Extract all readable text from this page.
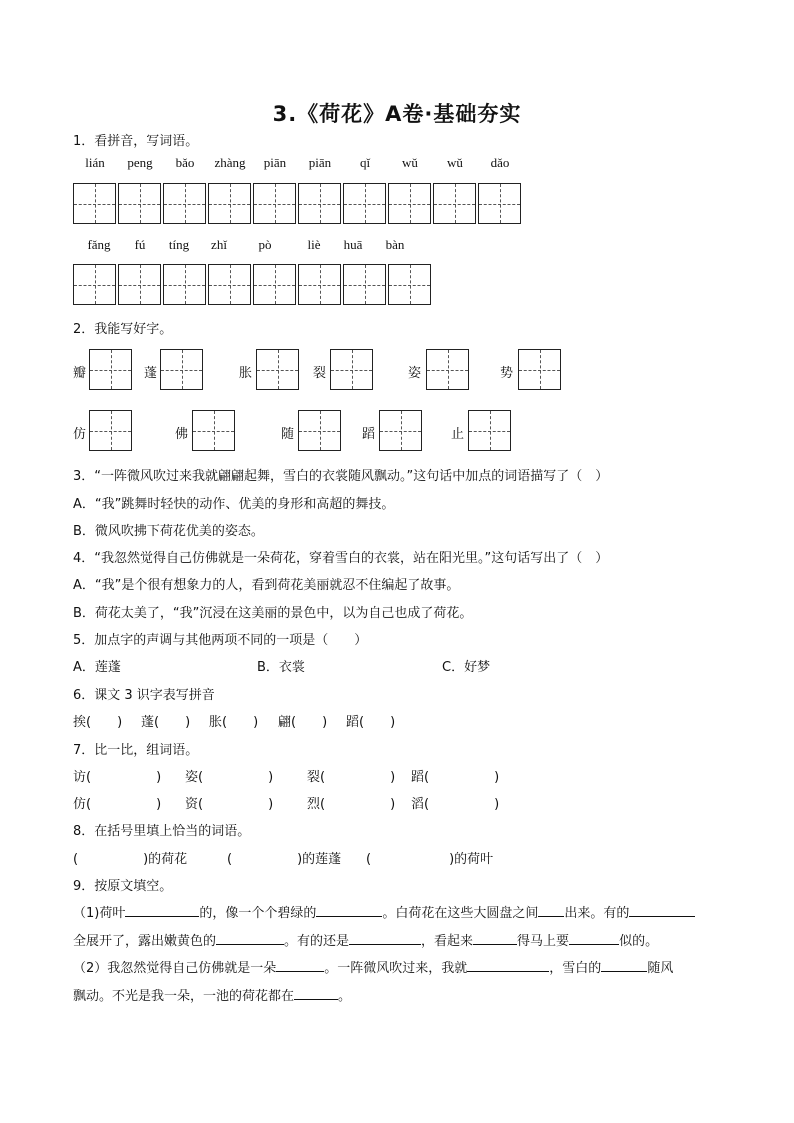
3.《荷花》A卷·基础夯实
1．看拼音，写词语。
lián	peng	bǎo	zhàng	piān	piān	qǐ	wǔ	wǔ	dǎo
fǎng	fú	tíng	zhǐ	pò	liè	huā	bàn
2．我能写好字。
瓣	蓬	胀	裂	姿	势
仿	佛	随	蹈	止
3．“一阵微风吹过来我就翩翩起舞，雪白的衣裳随风飘动。”这句话中加点的词语描写了（　）
A．“我”跳舞时轻快的动作、优美的身形和高超的舞技。
B．微风吹拂下荷花优美的姿态。
4．“我忽然觉得自己仿佛就是一朵荷花，穿着雪白的衣裳，站在阳光里。”这句话写出了（　）
A．“我”是个很有想象力的人，看到荷花美丽就忍不住编起了故事。
B．荷花太美了，“我”沉浸在这美丽的景色中，以为自己也成了荷花。
5．加点字的声调与其他两项不同的一项是（　　）
A．莲蓬	B．衣裳	C．好梦
6．课文 3 识字表写拼音
挨(　　) 蓬(　　) 胀(　　) 翩(　　) 蹈(　　)
7．比一比，组词语。
访(　　　　　) 姿(　　　　　)	裂(　　　　　) 蹈(　　　　　)
仿(　　　　　) 资(　　　　　)	烈(　　　　　) 滔(　　　　　)
8．在括号里填上恰当的词语。
(　　　　　)的荷花	(　　　　　)的莲蓬 (　　　　　　)的荷叶
9．按原文填空。
（1)荷叶	的，像一个个碧绿的	。白荷花在这些大圆盘之间 出来。有的
全展开了，露出嫩黄色的	。有的还是	，看起来	得马上要	似的。
（2）我忽然觉得自己仿佛就是一朵	。一阵微风吹过来，我就	，雪白的	随风
飘动。不光是我一朵，一池的荷花都在	。
